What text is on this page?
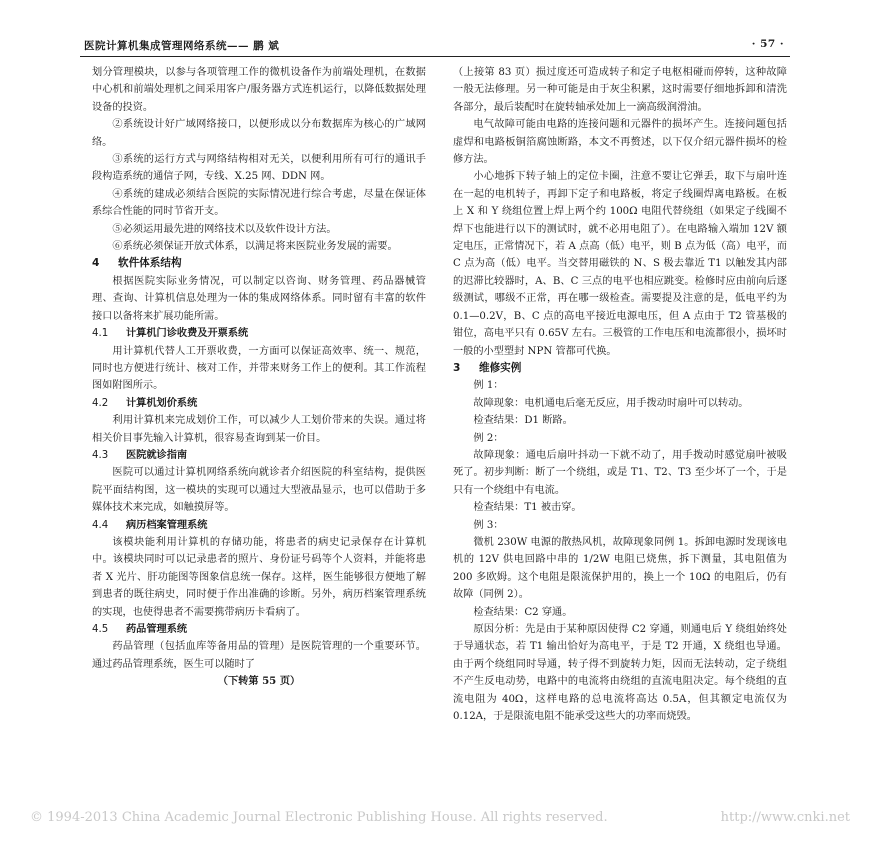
医院计算机集成管理网络系统—— 鹏 斌	· 57 ·

划分管理模块，以参与各项管理工作的微机设备作为前端处理机，在数据中心机和前端处理机之间采用客户/服务器方式连机运行，以降低数据处理设备的投资。

②系统设计好广域网络接口，以便形成以分布数据库为核心的广域网络。

③系统的运行方式与网络结构相对无关，以便利用所有可行的通讯手段构造系统的通信子网，专线、X.25 网、DDN 网。

④系统的建成必须结合医院的实际情况进行综合考虑，尽量在保证体系综合性能的同时节省开支。

⑤必须运用最先进的网络技术以及软件设计方法。

⑥系统必须保证开放式体系，以满足将来医院业务发展的需要。

4 软件体系结构

根据医院实际业务情况，可以制定以咨询、财务管理、药品器械管理、查询、计算机信息处理为一体的集成网络体系。同时留有丰富的软件接口以备将来扩展功能所需。

4.1 计算机门诊收费及开票系统

用计算机代替人工开票收费，一方面可以保证高效率、统一、规范，同时也方便进行统计、核对工作，并带来财务工作上的便利。其工作流程图如附图所示。

4.2 计算机划价系统

利用计算机来完成划价工作，可以减少人工划价带来的失误。通过将相关价目事先输入计算机，很容易查询到某一价目。

4.3 医院就诊指南

医院可以通过计算机网络系统向就诊者介绍医院的科室结构，提供医院平面结构图，这一模块的实现可以通过大型液晶显示，也可以借助于多媒体技术来完成，如触摸屏等。

4.4 病历档案管理系统

该模块能利用计算机的存储功能，将患者的病史记录保存在计算机中。该模块同时可以记录患者的照片、身份证号码等个人资料，并能将患者 X 光片、肝功能图等图象信息统一保存。这样，医生能够很方便地了解到患者的既往病史，同时便于作出准确的诊断。另外，病历档案管理系统的实现，也使得患者不需要携带病历卡看病了。

4.5 药品管理系统

药品管理（包括血库等备用品的管理）是医院管理的一个重要环节。通过药品管理系统，医生可以随时了

（下转第 55 页）

（上接第 83 页）损过度还可造成转子和定子电枢相碰而停转，这种故障一般无法修理。另一种可能是由于灰尘积累，这时需要仔细地拆卸和清洗各部分，最后装配时在旋转轴承处加上一滴高级润滑油。

电气故障可能由电路的连接问题和元器件的损坏产生。连接问题包括虚焊和电路板铜箔腐蚀断路，本文不再赘述，以下仅介绍元器件损坏的检修方法。

小心地拆下转子轴上的定位卡圈，注意不要让它弹丢，取下与扇叶连在一起的电机转子，再卸下定子和电路板，将定子线圈焊离电路板。在板上 X 和 Y 绕组位置上焊上两个约 100Ω 电阻代替绕组（如果定子线圈不焊下也能进行以下的测试时，就不必用电阻了）。在电路输入端加 12V 额定电压，正常情况下，若 A 点高（低）电平，则 B 点为低（高）电平，而 C 点为高（低）电平。当交替用磁铁的 N、S 极去靠近 T1 以触发其内部的迟滞比较器时，A、B、C 三点的电平也相应跳变。检修时应由前向后逐级测试，哪级不正常，再在哪一级检查。需要提及注意的是，低电平约为 0.1—0.2V，B、C 点的高电平接近电源电压，但 A 点由于 T2 管基极的钳位，高电平只有 0.65V 左右。三极管的工作电压和电流都很小，损坏时一般的小型塑封 NPN 管都可代换。

3 维修实例

例 1：

故障现象：电机通电后毫无反应，用手拨动时扇叶可以转动。

检查结果：D1 断路。

例 2：

故障现象：通电后扇叶抖动一下就不动了，用手拨动时感觉扇叶被吸死了。初步判断：断了一个绕组，或是 T1、T2、T3 至少坏了一个，于是只有一个绕组中有电流。

检查结果：T1 被击穿。

例 3：

微机 230W 电源的散热风机，故障现象同例 1。拆卸电源时发现该电机的 12V 供电回路中串的 1/2W 电阻已烧焦，拆下测量，其电阻值为 200 多欧姆。这个电阻是限流保护用的，换上一个 10Ω 的电阻后，仍有故障（同例 2）。

检查结果：C2 穿通。

原因分析：先是由于某种原因使得 C2 穿通，则通电后 Y 绕组始终处于导通状态，若 T1 输出恰好为高电平，于是 T2 开通，X 绕组也导通。由于两个绕组同时导通，转子得不到旋转力矩，因而无法转动，定子绕组不产生反电动势，电路中的电流将由绕组的直流电阻决定。每个绕组的直流电阻为 40Ω，这样电路的总电流将高达 0.5A，但其额定电流仅为 0.12A，于是限流电阻不能承受这些大的功率而烧毁。

© 1994-2013 China Academic Journal Electronic Publishing House. All rights reserved.	http://www.cnki.net
